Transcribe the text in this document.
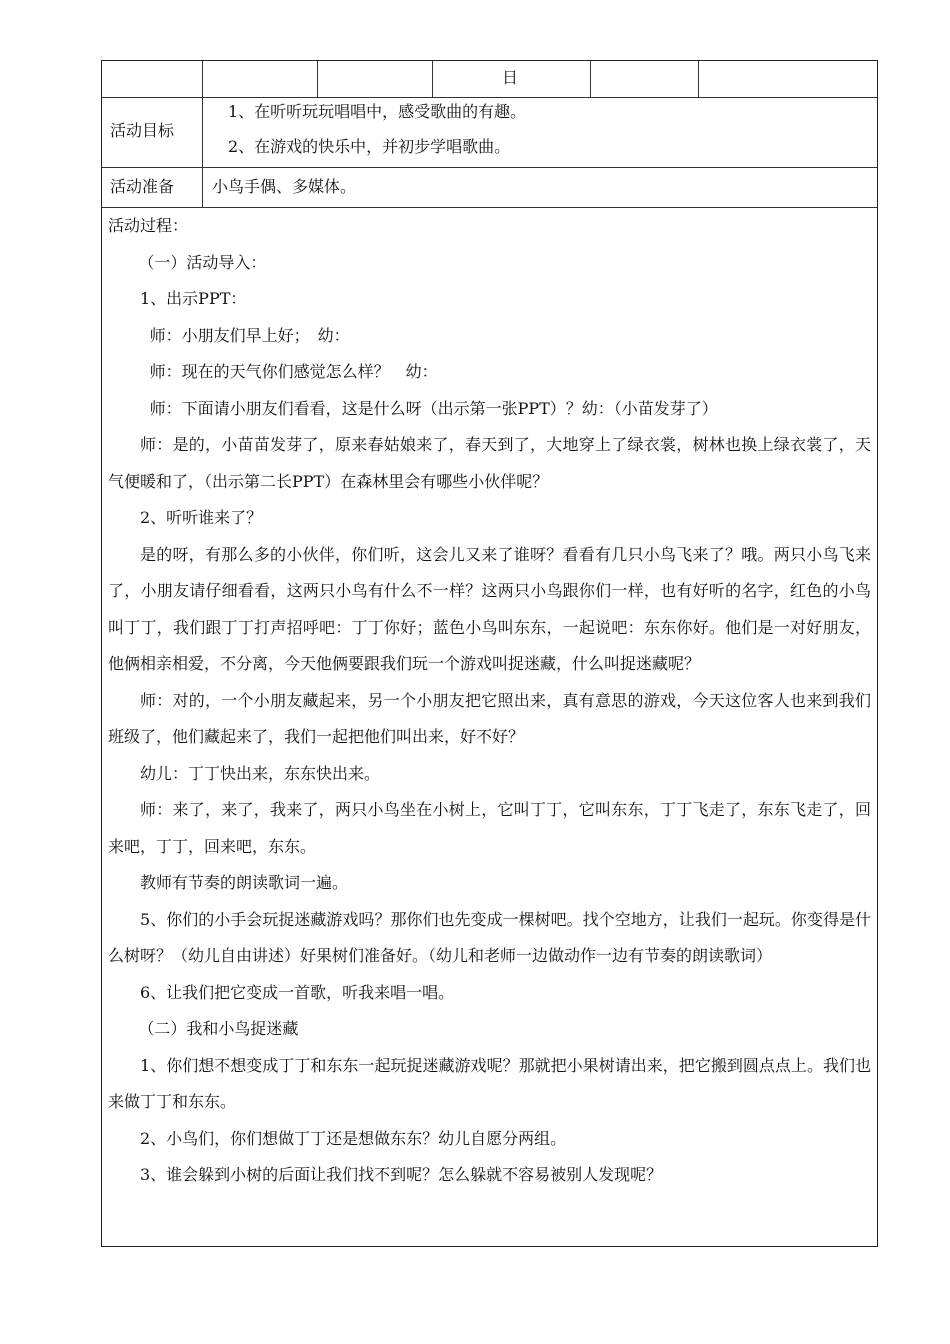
日
活动目标
1、在听听玩玩唱唱中，感受歌曲的有趣。
2、在游戏的快乐中，并初步学唱歌曲。
活动准备 小鸟手偶、多媒体。

活动过程：

（一）活动导入：

1、出示PPT：

师：小朋友们早上好；　幼：

师：现在的天气你们感觉怎么样？　幼：

师：下面请小朋友们看看，这是什么呀（出示第一张PPT）？幼：（小苗发芽了）

师：是的，小苗苗发芽了，原来春姑娘来了，春天到了，大地穿上了绿衣裳，树林也换上绿衣裳了，天气便暖和了，（出示第二长PPT）在森林里会有哪些小伙伴呢？

2、听听谁来了？

是的呀，有那么多的小伙伴，你们听，这会儿又来了谁呀？看看有几只小鸟飞来了？哦。两只小鸟飞来了，小朋友请仔细看看，这两只小鸟有什么不一样？这两只小鸟跟你们一样，也有好听的名字，红色的小鸟叫丁丁，我们跟丁丁打声招呼吧：丁丁你好；蓝色小鸟叫东东，一起说吧：东东你好。他们是一对好朋友，他俩相亲相爱，不分离，今天他俩要跟我们玩一个游戏叫捉迷藏，什么叫捉迷藏呢？

师：对的，一个小朋友藏起来，另一个小朋友把它照出来，真有意思的游戏，今天这位客人也来到我们班级了，他们藏起来了，我们一起把他们叫出来，好不好？

幼儿：丁丁快出来，东东快出来。

师：来了，来了，我来了，两只小鸟坐在小树上，它叫丁丁，它叫东东，丁丁飞走了，东东飞走了，回来吧，丁丁，回来吧，东东。

教师有节奏的朗读歌词一遍。

5、你们的小手会玩捉迷藏游戏吗？那你们也先变成一棵树吧。找个空地方，让我们一起玩。你变得是什么树呀？（幼儿自由讲述）好果树们准备好。（幼儿和老师一边做动作一边有节奏的朗读歌词）

6、让我们把它变成一首歌，听我来唱一唱。

（二）我和小鸟捉迷藏

1、你们想不想变成丁丁和东东一起玩捉迷藏游戏呢？那就把小果树请出来，把它搬到圆点点上。我们也来做丁丁和东东。

2、小鸟们，你们想做丁丁还是想做东东？幼儿自愿分两组。

3、谁会躲到小树的后面让我们找不到呢？怎么躲就不容易被别人发现呢？
